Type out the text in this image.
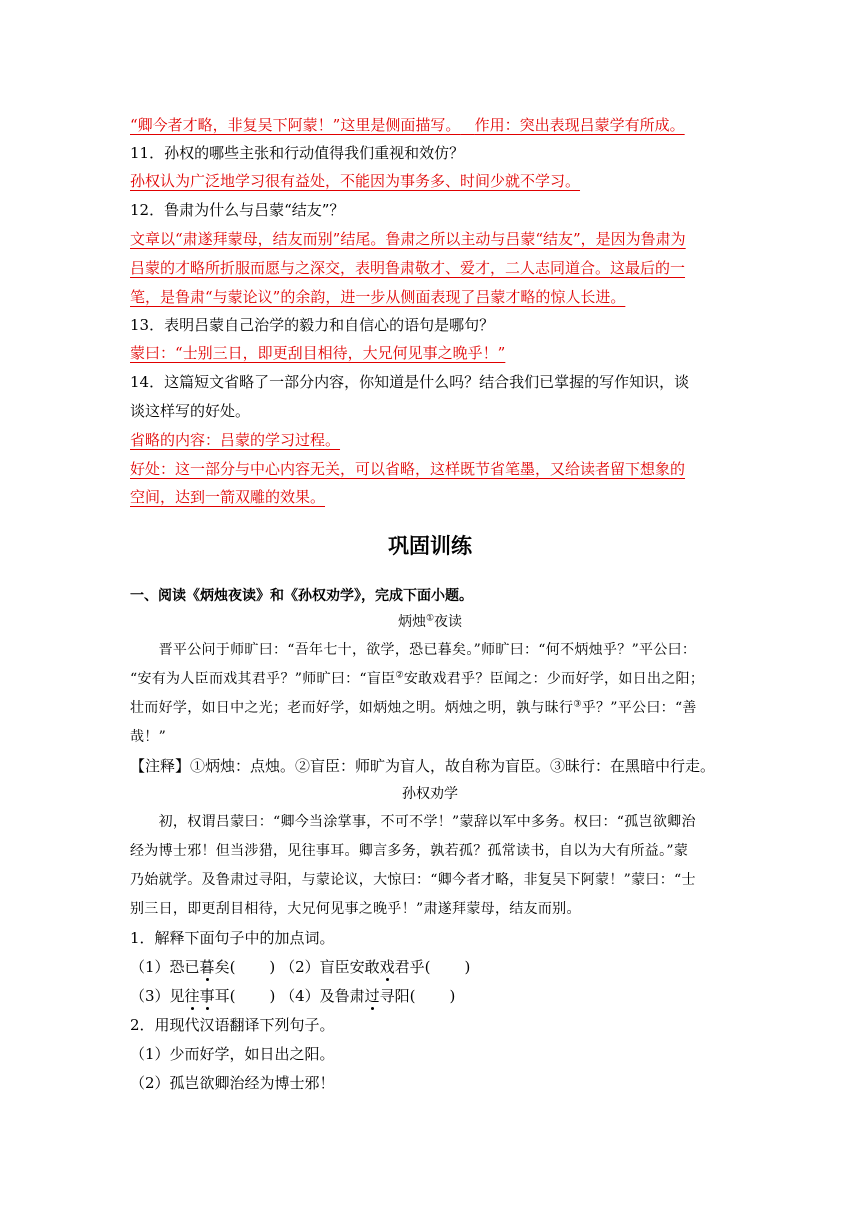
“卿今者才略，非复吴下阿蒙！”这里是侧面描写。 作用：突出表现吕蒙学有所成。
11．孙权的哪些主张和行动值得我们重视和效仿？
孙权认为广泛地学习很有益处，不能因为事务多、时间少就不学习。
12．鲁肃为什么与吕蒙“结友”？
文章以“肃遂拜蒙母，结友而别”结尾。鲁肃之所以主动与吕蒙“结友”，是因为鲁肃为
吕蒙的才略所折服而愿与之深交，表明鲁肃敬才、爱才，二人志同道合。这最后的一
笔，是鲁肃“与蒙论议”的余韵，进一步从侧面表现了吕蒙才略的惊人长进。
13．表明吕蒙自己治学的毅力和自信心的语句是哪句？
蒙曰：“士别三日，即更刮目相待，大兄何见事之晚乎！”
14．这篇短文省略了一部分内容，你知道是什么吗？结合我们已掌握的写作知识，谈
谈这样写的好处。
省略的内容：吕蒙的学习过程。
好处：这一部分与中心内容无关，可以省略，这样既节省笔墨，又给读者留下想象的
空间，达到一箭双雕的效果。
巩固训练
一、阅读《炳烛夜读》和《孙权劝学》，完成下面小题。
炳烛①夜读
　　晋平公问于师旷曰：“吾年七十，欲学，恐已暮矣。”师旷曰：“何不炳烛乎？”平公曰：
“安有为人臣而戏其君乎？”师旷曰：“盲臣②安敢戏君乎？臣闻之：少而好学，如日出之阳；
壮而好学，如日中之光；老而好学，如炳烛之明。炳烛之明，孰与昧行③乎？”平公曰：“善
哉！”
【注释】①炳烛：点烛。②盲臣：师旷为盲人，故自称为盲臣。③昧行：在黑暗中行走。
孙权劝学
　　初，权谓吕蒙曰：“卿今当涂掌事，不可不学！”蒙辞以军中多务。权曰：“孤岂欲卿治
经为博士邪！但当涉猎，见往事耳。卿言多务，孰若孤？孤常读书，自以为大有所益。”蒙
乃始就学。及鲁肃过寻阳，与蒙论议，大惊曰：“卿今者才略，非复吴下阿蒙！”蒙曰：“士
别三日，即更刮目相待，大兄何见事之晚乎！”肃遂拜蒙母，结友而别。
1．解释下面句子中的加点词。
（1）恐已暮矣( ) （2）盲臣安敢戏君乎( )
（3）见往事耳( ) （4）及鲁肃过寻阳( )
2．用现代汉语翻译下列句子。
（1）少而好学，如日出之阳。
（2）孤岂欲卿治经为博士邪！
